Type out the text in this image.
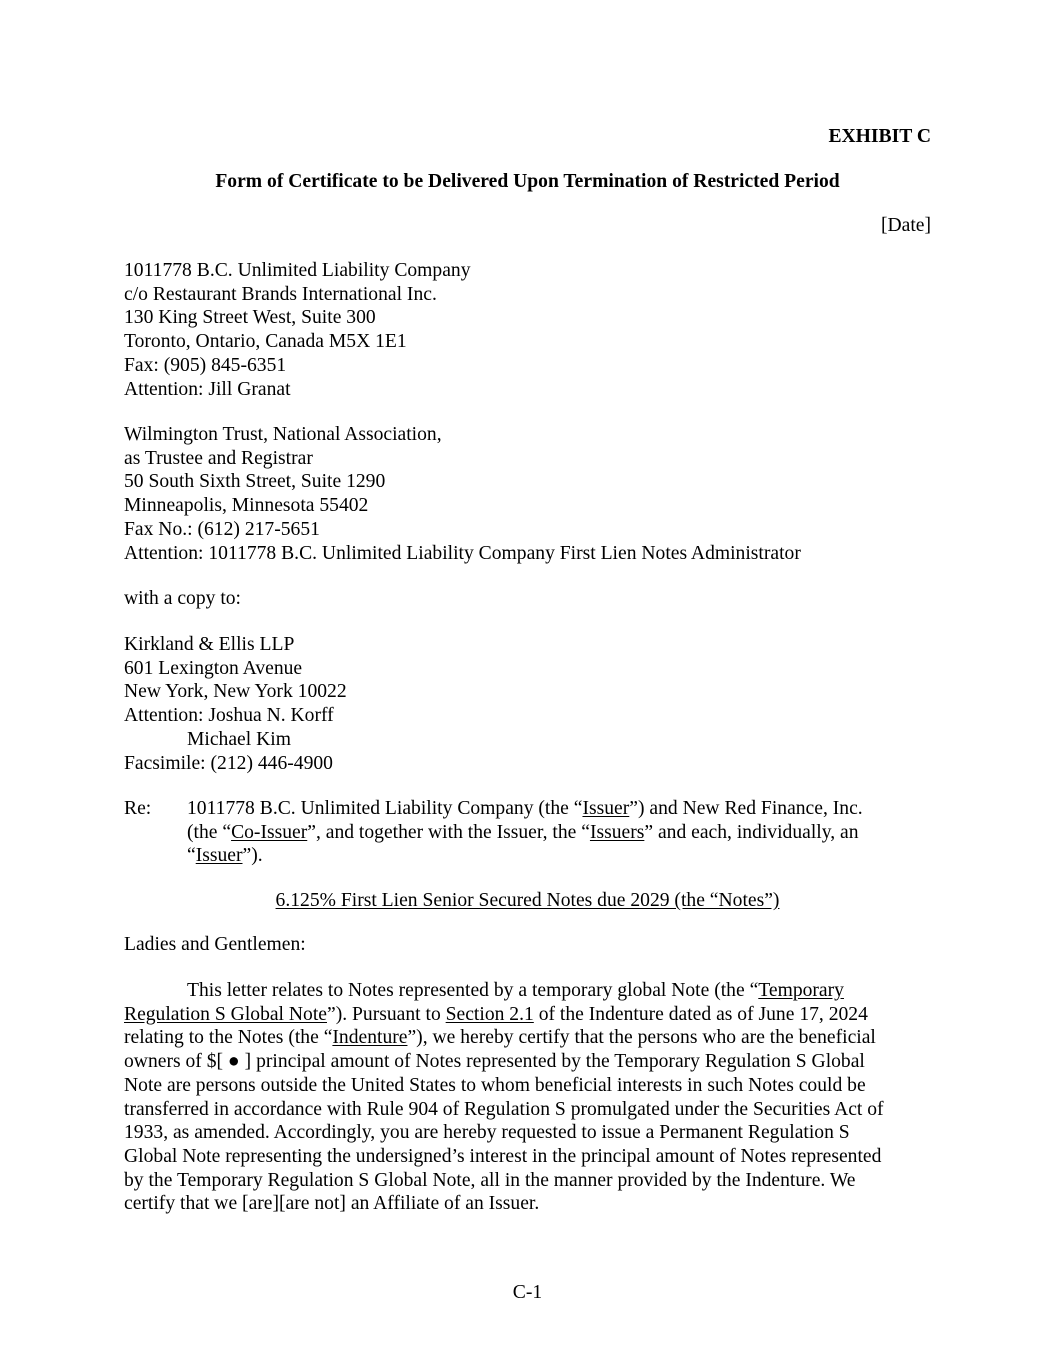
EXHIBIT C
Form of Certificate to be Delivered Upon Termination of Restricted Period
[Date]
1011778 B.C. Unlimited Liability Company
c/o Restaurant Brands International Inc.
130 King Street West, Suite 300
Toronto, Ontario, Canada M5X 1E1
Fax: (905) 845-6351
Attention: Jill Granat
Wilmington Trust, National Association,
as Trustee and Registrar
50 South Sixth Street, Suite 1290
Minneapolis, Minnesota 55402
Fax No.: (612) 217-5651
Attention: 1011778 B.C. Unlimited Liability Company First Lien Notes Administrator
with a copy to:
Kirkland & Ellis LLP
601 Lexington Avenue
New York, New York 10022
Attention: Joshua N. Korff
Michael Kim
Facsimile: (212) 446-4900
Re: 1011778 B.C. Unlimited Liability Company (the “Issuer”) and New Red Finance, Inc.
(the “Co-Issuer”, and together with the Issuer, the “Issuers” and each, individually, an
“Issuer”).
6.125% First Lien Senior Secured Notes due 2029 (the “Notes”)
Ladies and Gentlemen:
This letter relates to Notes represented by a temporary global Note (the “Temporary
Regulation S Global Note”). Pursuant to Section 2.1 of the Indenture dated as of June 17, 2024
relating to the Notes (the “Indenture”), we hereby certify that the persons who are the beneficial
owners of $[ ● ] principal amount of Notes represented by the Temporary Regulation S Global
Note are persons outside the United States to whom beneficial interests in such Notes could be
transferred in accordance with Rule 904 of Regulation S promulgated under the Securities Act of
1933, as amended. Accordingly, you are hereby requested to issue a Permanent Regulation S
Global Note representing the undersigned’s interest in the principal amount of Notes represented
by the Temporary Regulation S Global Note, all in the manner provided by the Indenture. We
certify that we [are][are not] an Affiliate of an Issuer.
C-1
